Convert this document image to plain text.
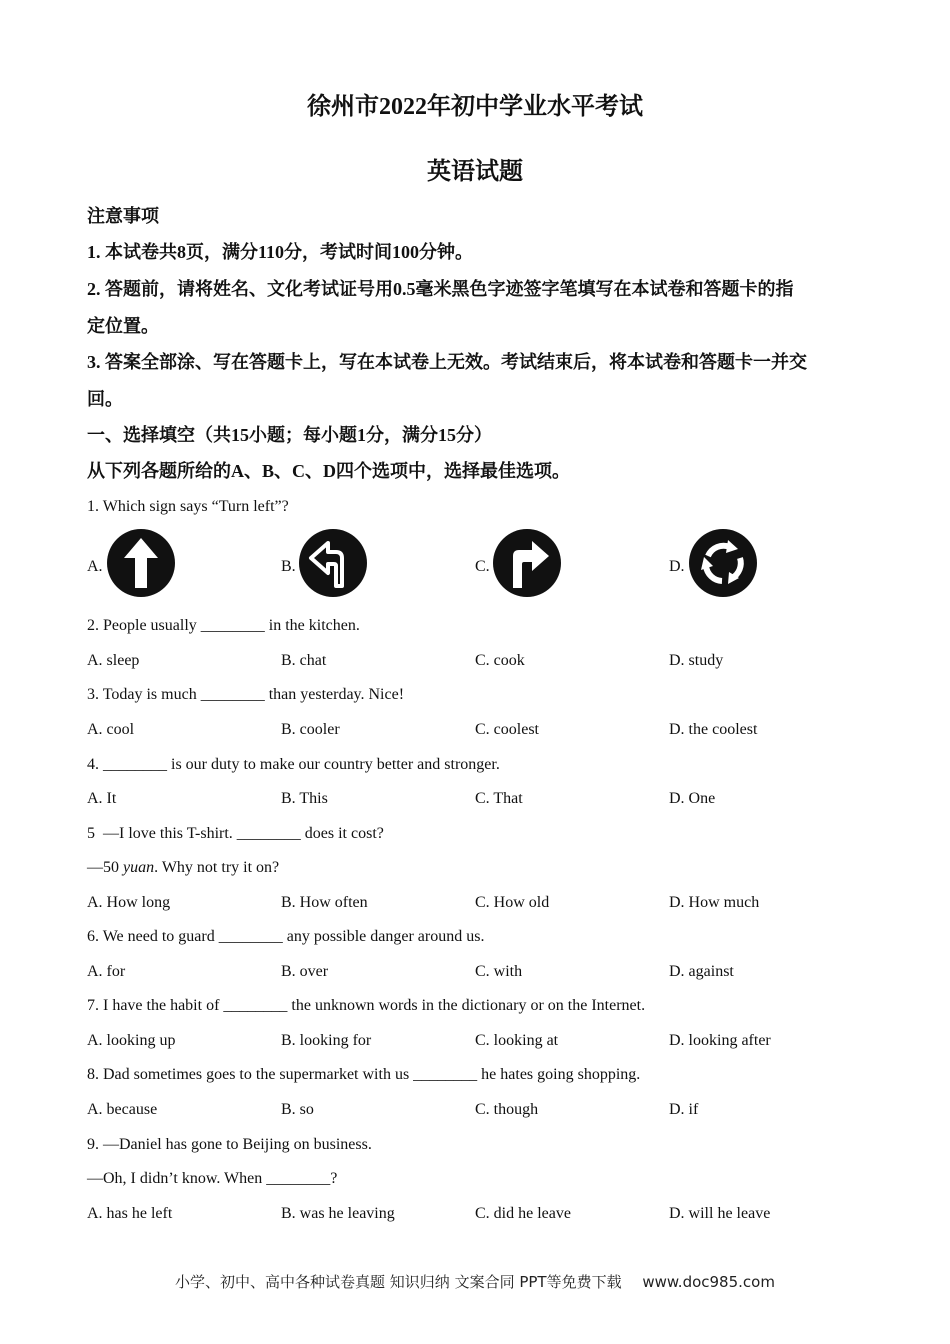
徐州市2022年初中学业水平考试
英语试题
注意事项
1. 本试卷共8页，满分110分，考试时间100分钟。
2. 答题前，请将姓名、文化考试证号用0.5毫米黑色字迹签字笔填写在本试卷和答题卡的指
定位置。
3. 答案全部涂、写在答题卡上，写在本试卷上无效。考试结束后，将本试卷和答题卡一并交
回。
一、选择填空（共15小题；每小题1分，满分15分）
从下列各题所给的A、B、C、D四个选项中，选择最佳选项。
1. Which sign says “Turn left”?
A.	B.	C.	D.
2. People usually ________ in the kitchen.
A. sleep	B. chat	C. cook	D. study
3. Today is much ________ than yesterday. Nice!
A. cool	B. cooler	C. coolest	D. the coolest
4. ________ is our duty to make our country better and stronger.
A. It	B. This	C. That	D. One
5  —I love this T-shirt. ________ does it cost?
—50 yuan. Why not try it on?
A. How long	B. How often	C. How old	D. How much
6. We need to guard ________ any possible danger around us.
A. for	B. over	C. with	D. against
7. I have the habit of ________ the unknown words in the dictionary or on the Internet.
A. looking up	B. looking for	C. looking at	D. looking after
8. Dad sometimes goes to the supermarket with us ________ he hates going shopping.
A. because	B. so	C. though	D. if
9. —Daniel has gone to Beijing on business.
—Oh, I didn’t know. When ________?
A. has he left	B. was he leaving	C. did he leave	D. will he leave
小学、初中、高中各种试卷真题 知识归纳 文案合同 PPT等免费下载 www.doc985.com
